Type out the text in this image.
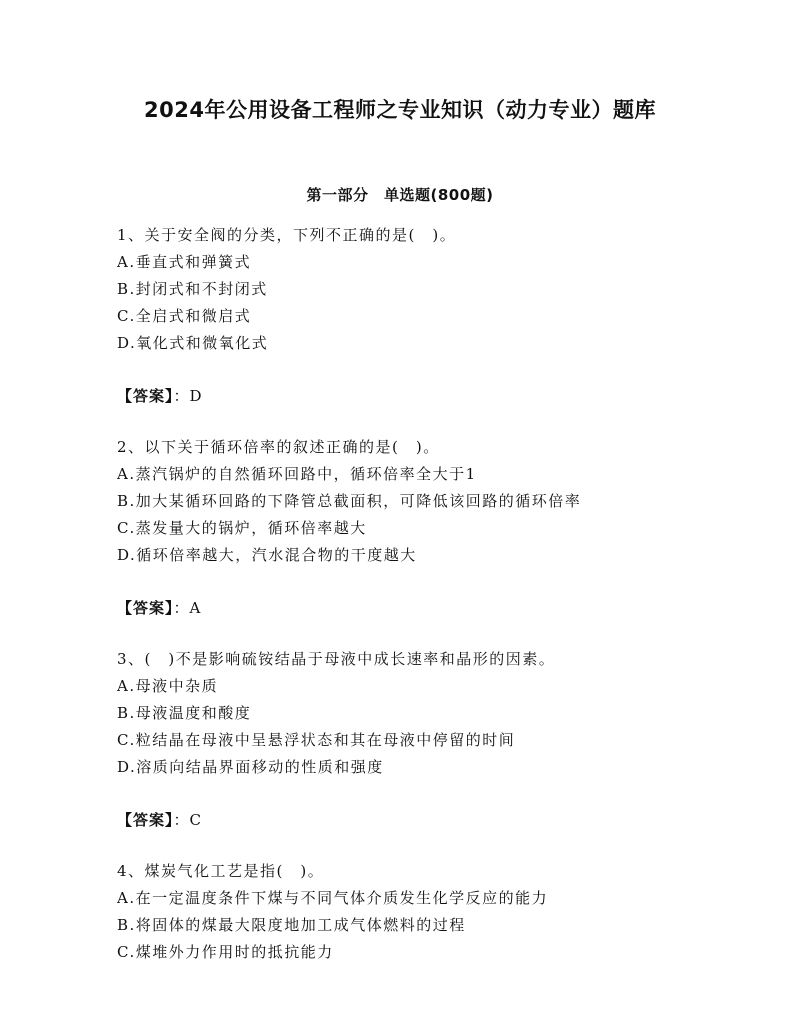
2024年公用设备工程师之专业知识（动力专业）题库
第一部分　单选题(800题)
1、关于安全阀的分类，下列不正确的是(　)。
A.垂直式和弹簧式
B.封闭式和不封闭式
C.全启式和微启式
D.氧化式和微氧化式
【答案】：D
2、以下关于循环倍率的叙述正确的是(　)。
A.蒸汽锅炉的自然循环回路中，循环倍率全大于1
B.加大某循环回路的下降管总截面积，可降低该回路的循环倍率
C.蒸发量大的锅炉，循环倍率越大
D.循环倍率越大，汽水混合物的干度越大
【答案】：A
3、(　)不是影响硫铵结晶于母液中成长速率和晶形的因素。
A.母液中杂质
B.母液温度和酸度
C.粒结晶在母液中呈悬浮状态和其在母液中停留的时间
D.溶质向结晶界面移动的性质和强度
【答案】：C
4、煤炭气化工艺是指(　)。
A.在一定温度条件下煤与不同气体介质发生化学反应的能力
B.将固体的煤最大限度地加工成气体燃料的过程
C.煤堆外力作用时的抵抗能力
